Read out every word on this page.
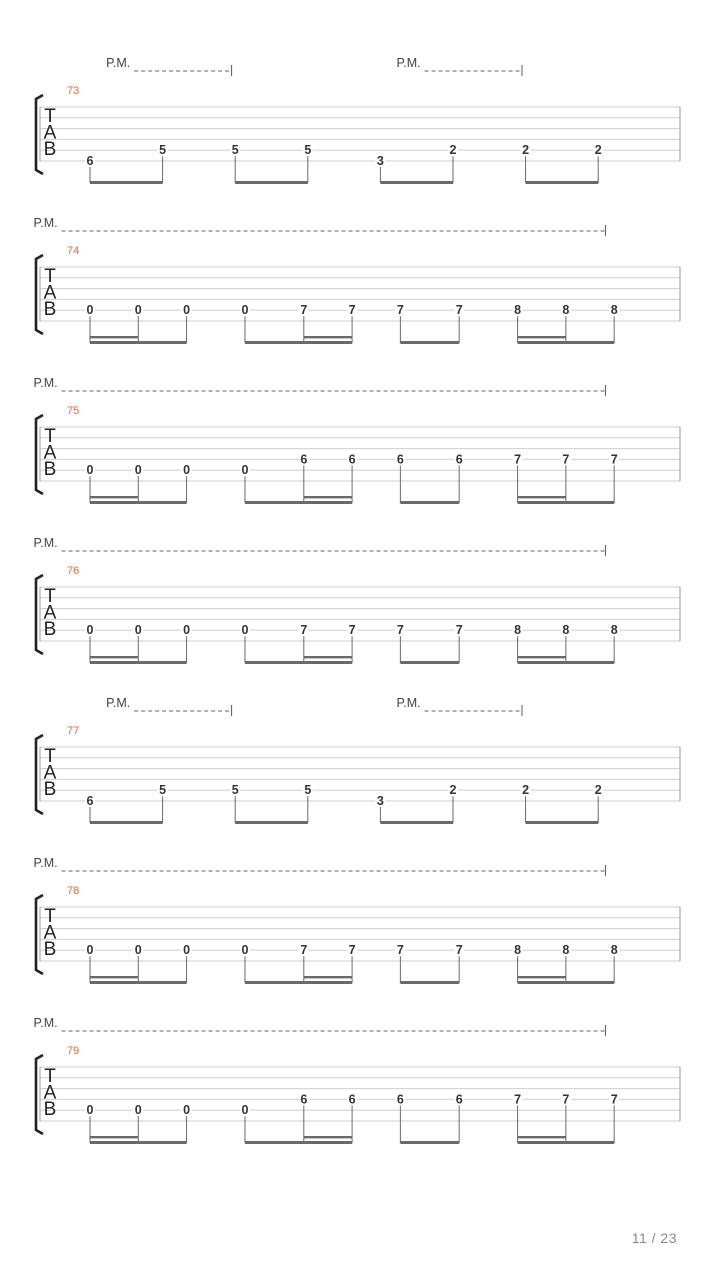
T
A
B
73
P.M.	P.M.
6
5	5	5
3
2	2	2
T
A
B
74
P.M.
0	0	0	0	7	7	7	7	8	8	8
T
A
B
75
P.M.
0	0	0	0
6	6	6	6	7	7	7
T
A
B
76
P.M.
0	0	0	0	7	7	7	7	8	8	8
T
A
B
77
P.M.	P.M.
6
5	5	5
3
2	2	2
T
A
B
78
P.M.
0	0	0	0	7	7	7	7	8	8	8
T
A
B
79
P.M.
0	0	0	0
6	6	6	6	7	7	7
11 / 23
